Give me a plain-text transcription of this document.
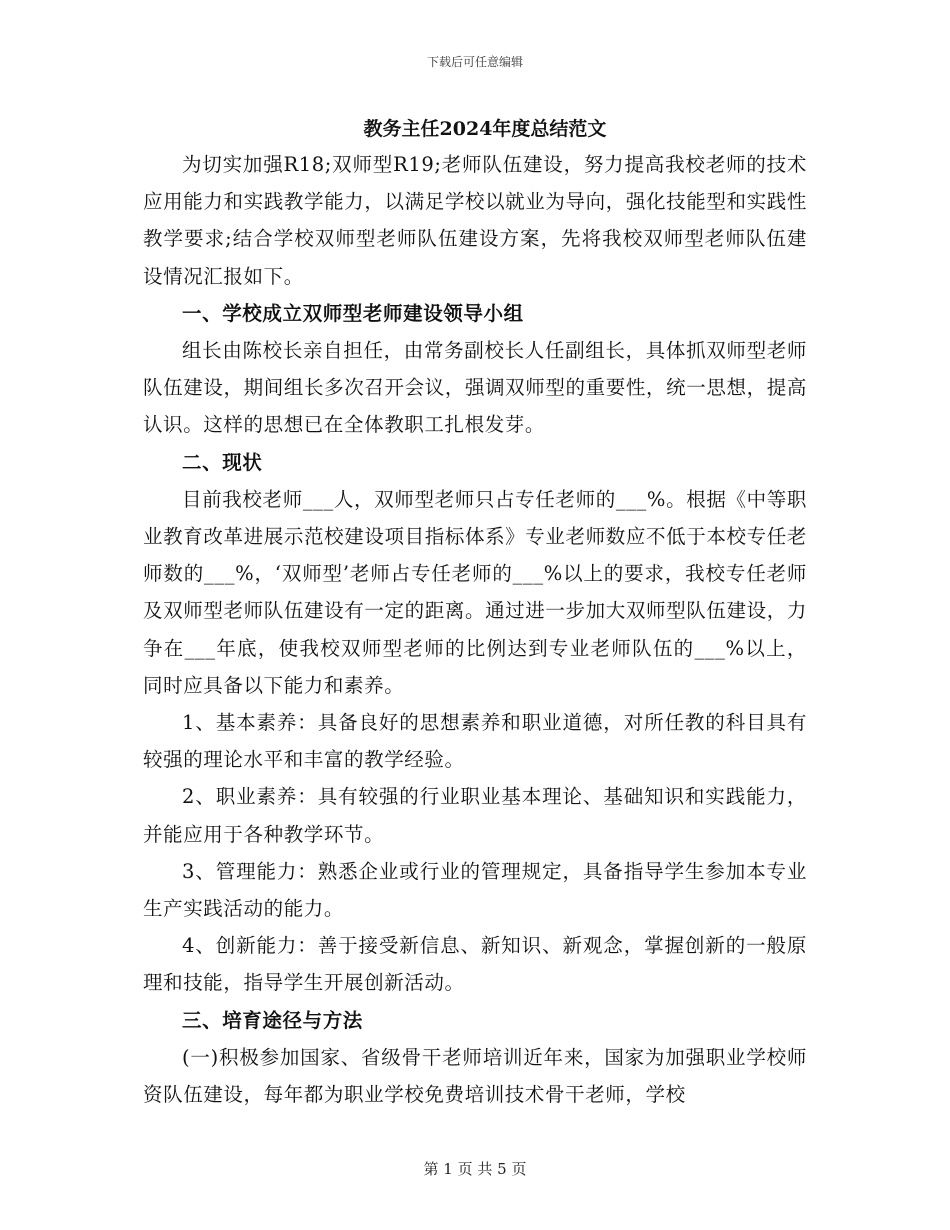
下载后可任意编辑
教务主任2024年度总结范文

为切实加强R18;双师型R19;老师队伍建设，努力提高我校老师的技术应用能力和实践教学能力，以满足学校以就业为导向，强化技能型和实践性教学要求;结合学校双师型老师队伍建设方案，先将我校双师型老师队伍建设情况汇报如下。

一、学校成立双师型老师建设领导小组

组长由陈校长亲自担任，由常务副校长人任副组长，具体抓双师型老师队伍建设，期间组长多次召开会议，强调双师型的重要性，统一思想，提高认识。这样的思想已在全体教职工扎根发芽。

二、现状

目前我校老师___人，双师型老师只占专任老师的___%。根据《中等职业教育改革进展示范校建设项目指标体系》专业老师数应不低于本校专任老师数的___%，‘双师型’老师占专任老师的___%以上的要求，我校专任老师及双师型老师队伍建设有一定的距离。通过进一步加大双师型队伍建设，力争在___年底，使我校双师型老师的比例达到专业老师队伍的___%以上，同时应具备以下能力和素养。

1、基本素养：具备良好的思想素养和职业道德，对所任教的科目具有较强的理论水平和丰富的教学经验。

2、职业素养：具有较强的行业职业基本理论、基础知识和实践能力，并能应用于各种教学环节。

3、管理能力：熟悉企业或行业的管理规定，具备指导学生参加本专业生产实践活动的能力。

4、创新能力：善于接受新信息、新知识、新观念，掌握创新的一般原理和技能，指导学生开展创新活动。

三、培育途径与方法

(一)积极参加国家、省级骨干老师培训近年来，国家为加强职业学校师资队伍建设，每年都为职业学校免费培训技术骨干老师，学校

第 1 页 共 5 页
